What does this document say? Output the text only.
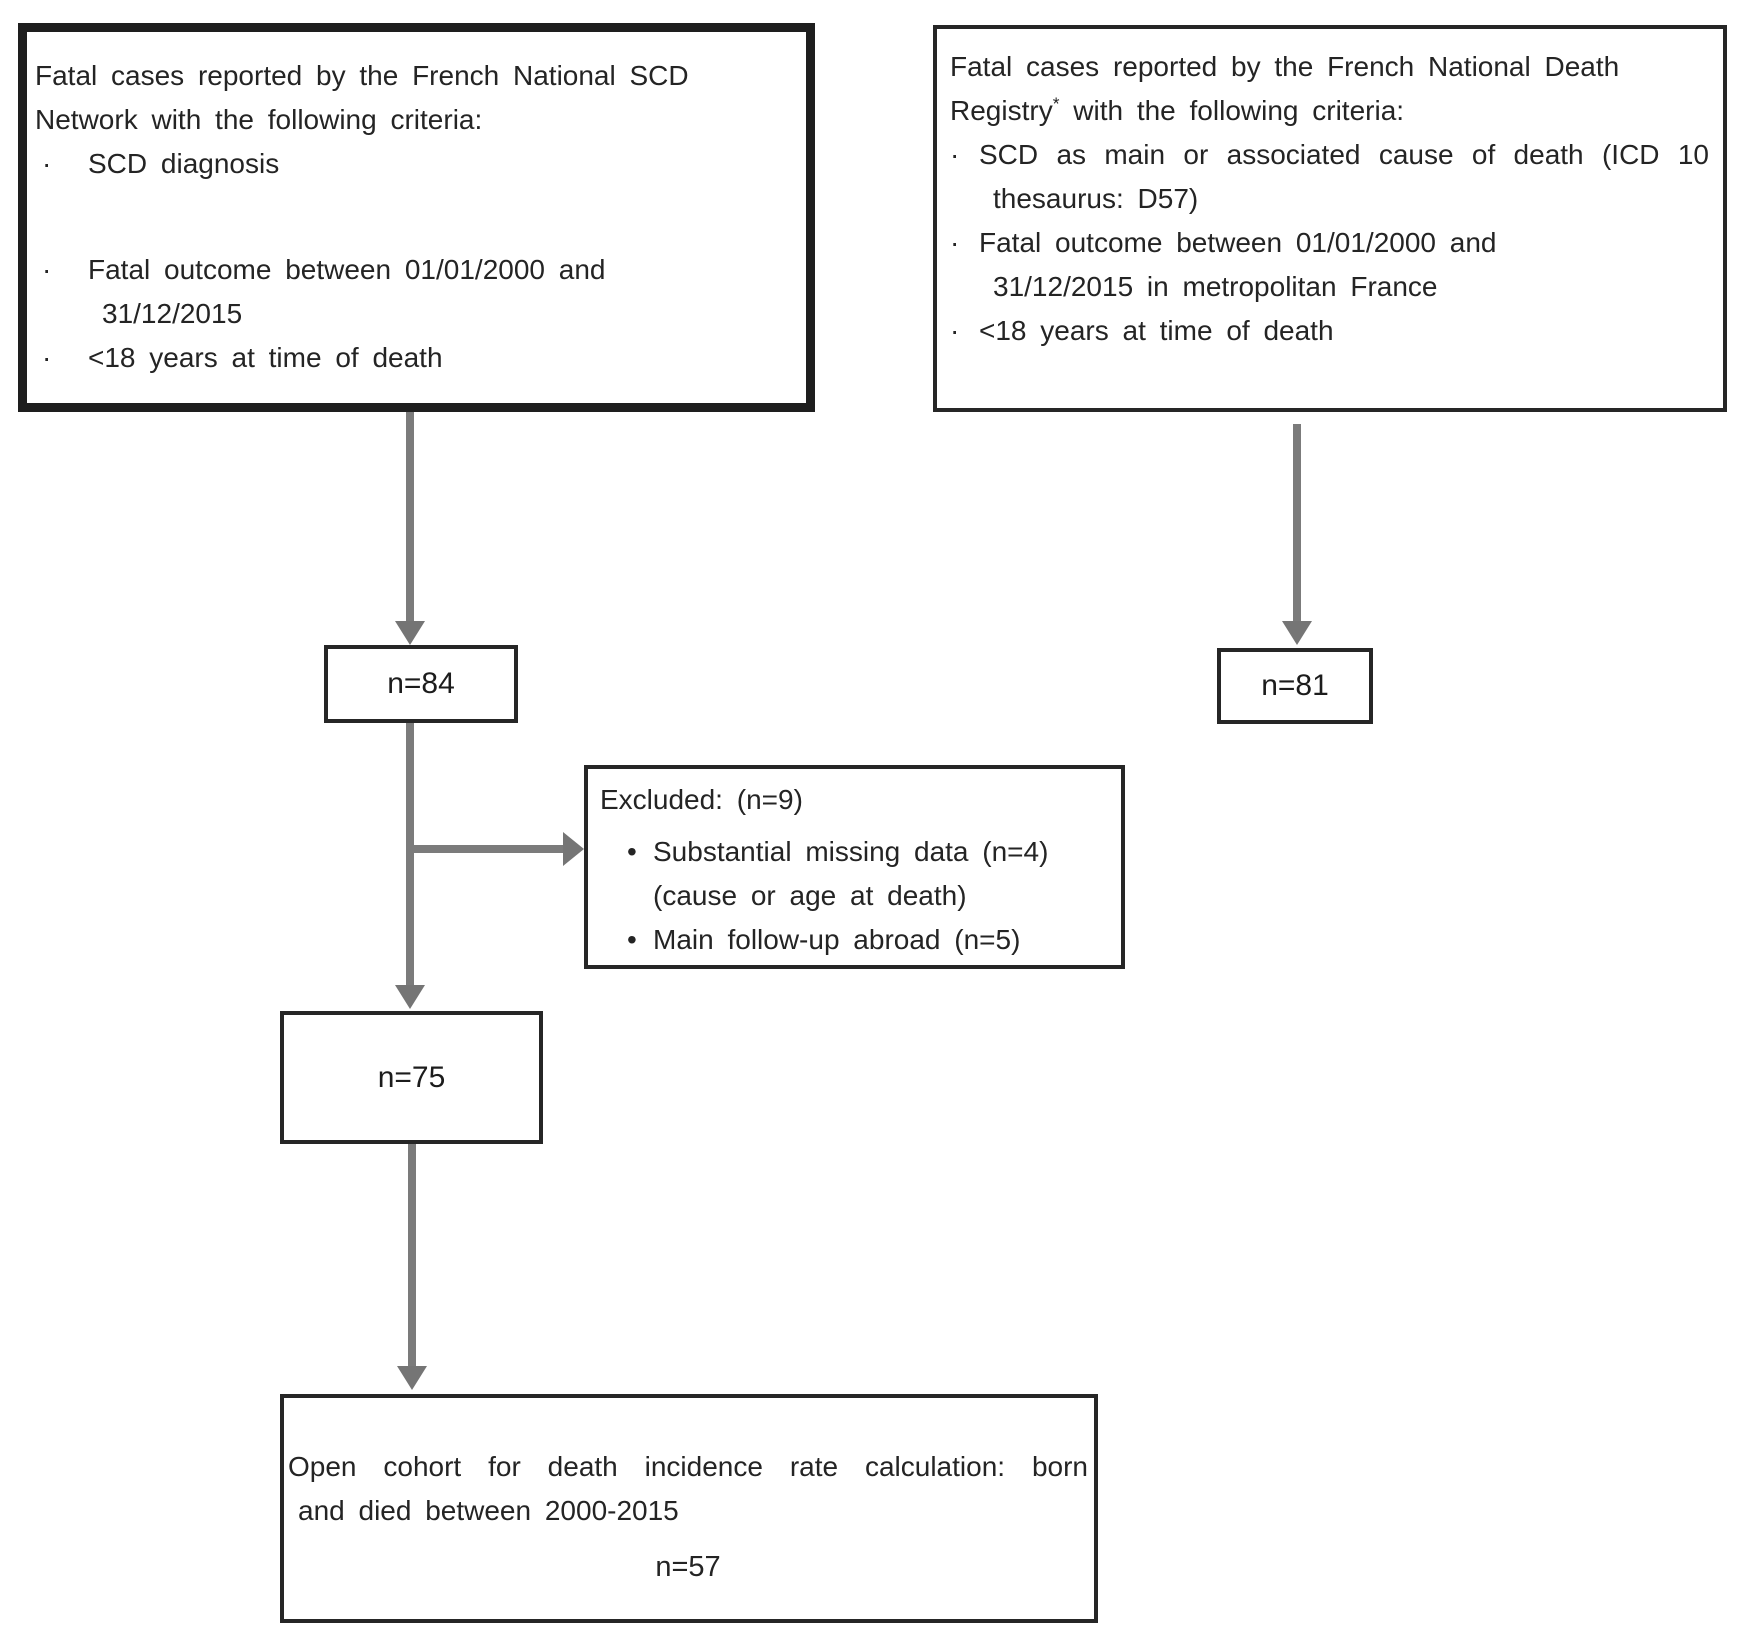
Fatal cases reported by the French National SCD
Network with the following criteria:
·	SCD diagnosis
·	Fatal outcome between 01/01/2000 and
31/12/2015
·	<18 years at time of death
Fatal cases reported by the French National Death
Registry* with the following criteria:
· SCD as main or associated cause of death (ICD 10
thesaurus: D57)
· Fatal outcome between 01/01/2000 and
31/12/2015 in metropolitan France
· <18 years at time of death
n=84	n=81
Excluded: (n=9)
• Substantial missing data (n=4)
(cause or age at death)
• Main follow-up abroad (n=5)
n=75
Open cohort for death incidence rate calculation: born
and died between 2000-2015
n=57
